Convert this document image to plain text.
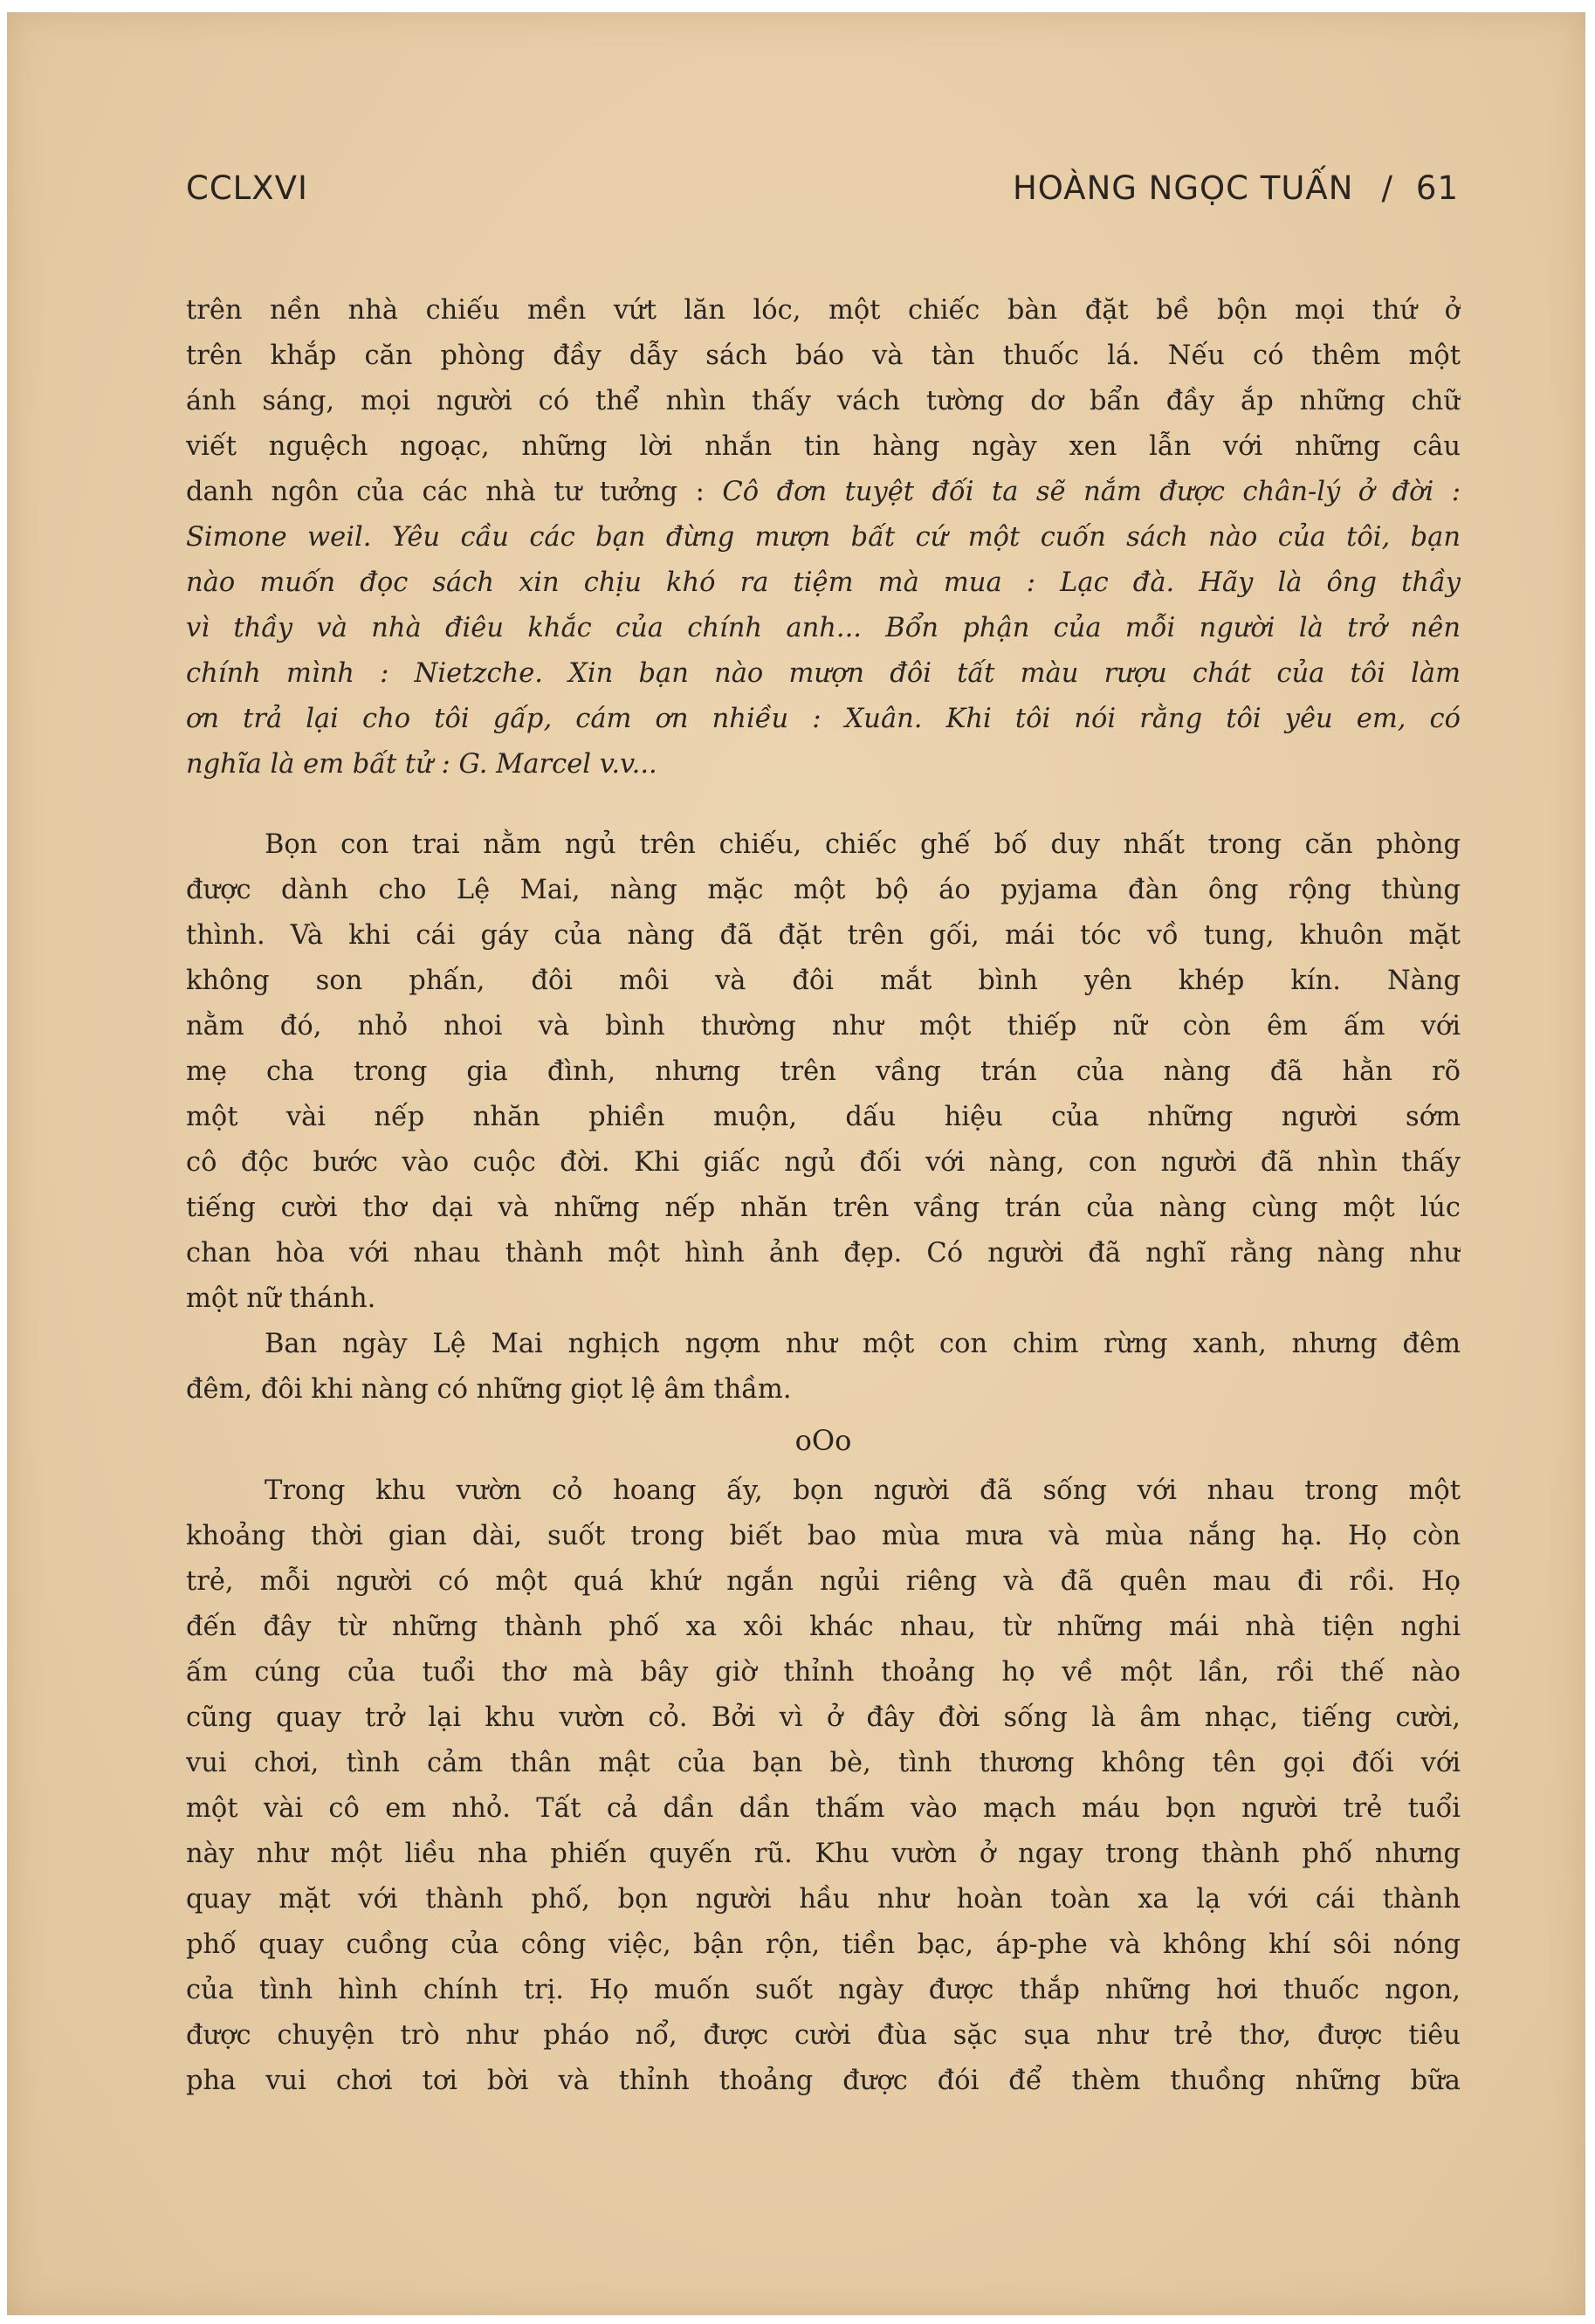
CCLXVI	HOÀNG NGỌC TUẤN / 61
trên nền nhà chiếu mền vứt lăn lóc, một chiếc bàn đặt bề bộn mọi thứ ở
trên khắp căn phòng đầy dẫy sách báo và tàn thuốc lá. Nếu có thêm một
ánh sáng, mọi người có thể nhìn thấy vách tường dơ bẩn đầy ắp những chữ
viết nguệch ngoạc, những lời nhắn tin hàng ngày xen lẫn với những câu
danh ngôn của các nhà tư tưởng : Cô đơn tuyệt đối ta sẽ nắm được chân-lý ở đời :
Simone weil. Yêu cầu các bạn đừng mượn bất cứ một cuốn sách nào của tôi, bạn
nào muốn đọc sách xin chịu khó ra tiệm mà mua : Lạc đà. Hãy là ông thầy
vì thầy và nhà điêu khắc của chính anh... Bổn phận của mỗi người là trở nên
chính mình : Nietzche. Xin bạn nào mượn đôi tất màu rượu chát của tôi làm
ơn trả lại cho tôi gấp, cám ơn nhiều : Xuân. Khi tôi nói rằng tôi yêu em, có
nghĩa là em bất tử : G. Marcel v.v...
Bọn con trai nằm ngủ trên chiếu, chiếc ghế bố duy nhất trong căn phòng
được dành cho Lệ Mai, nàng mặc một bộ áo pyjama đàn ông rộng thùng
thình. Và khi cái gáy của nàng đã đặt trên gối, mái tóc vồ tung, khuôn mặt
không son phấn, đôi môi và đôi mắt bình yên khép kín. Nàng
nằm đó, nhỏ nhoi và bình thường như một thiếp nữ còn êm ấm với
mẹ cha trong gia đình, nhưng trên vầng trán của nàng đã hằn rõ
một vài nếp nhăn phiền muộn, dấu hiệu của những người sớm
cô độc bước vào cuộc đời. Khi giấc ngủ đối với nàng, con người đã nhìn thấy
tiếng cười thơ dại và những nếp nhăn trên vầng trán của nàng cùng một lúc
chan hòa với nhau thành một hình ảnh đẹp. Có người đã nghĩ rằng nàng như
một nữ thánh.
Ban ngày Lệ Mai nghịch ngợm như một con chim rừng xanh, nhưng đêm
đêm, đôi khi nàng có những giọt lệ âm thầm.
oOo
Trong khu vườn cỏ hoang ấy, bọn người đã sống với nhau trong một
khoảng thời gian dài, suốt trong biết bao mùa mưa và mùa nắng hạ. Họ còn
trẻ, mỗi người có một quá khứ ngắn ngủi riêng và đã quên mau đi rồi. Họ
đến đây từ những thành phố xa xôi khác nhau, từ những mái nhà tiện nghi
ấm cúng của tuổi thơ mà bây giờ thỉnh thoảng họ về một lần, rồi thế nào
cũng quay trở lại khu vườn cỏ. Bởi vì ở đây đời sống là âm nhạc, tiếng cười,
vui chơi, tình cảm thân mật của bạn bè, tình thương không tên gọi đối với
một vài cô em nhỏ. Tất cả dần dần thấm vào mạch máu bọn người trẻ tuổi
này như một liều nha phiến quyến rũ. Khu vườn ở ngay trong thành phố nhưng
quay mặt với thành phố, bọn người hầu như hoàn toàn xa lạ với cái thành
phố quay cuồng của công việc, bận rộn, tiền bạc, áp-phe và không khí sôi nóng
của tình hình chính trị. Họ muốn suốt ngày được thắp những hơi thuốc ngon,
được chuyện trò như pháo nổ, được cười đùa sặc sụa như trẻ thơ, được tiêu
pha vui chơi tơi bời và thỉnh thoảng được đói để thèm thuồng những bữa
